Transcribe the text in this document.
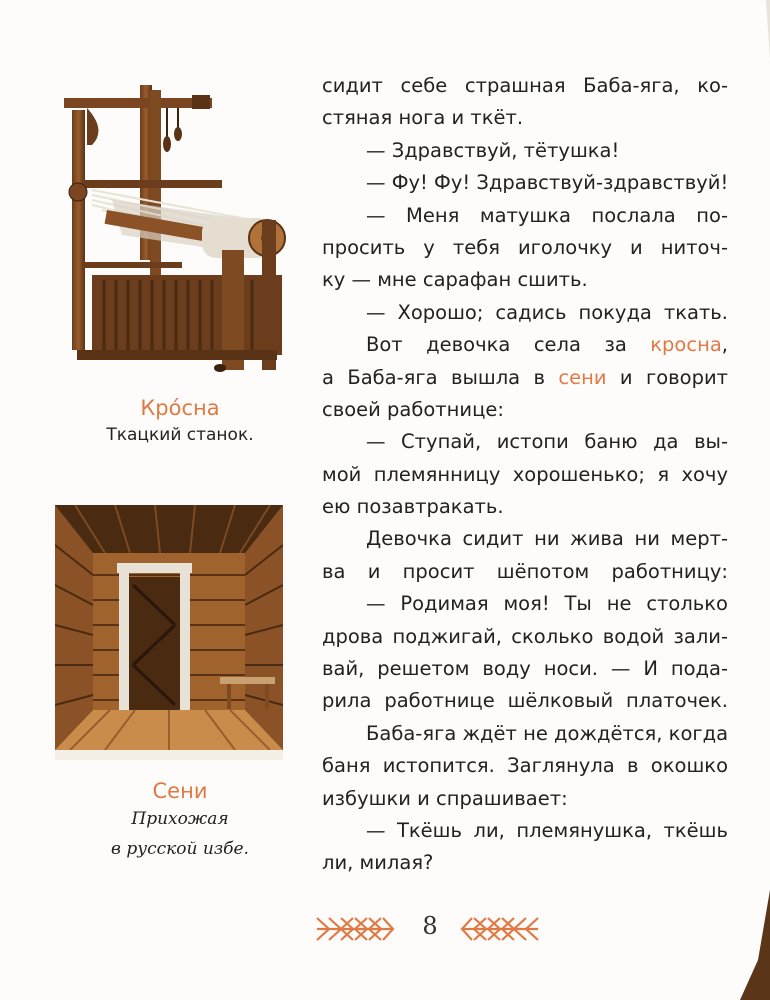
Кро́сна
Ткацкий станок.
Сени
Прихожая
в русской избе.
сидит себе страшная Баба-яга, ко-
стяная нога и ткёт.
— Здравствуй, тётушка!
— Фу! Фу! Здравствуй-здравствуй!
— Меня матушка послала по-
просить у тебя иголочку и ниточ-
ку — мне сарафан сшить.
— Хорошо; садись покуда ткать.
Вот девочка села за кросна,
а Баба-яга вышла в сени и говорит
своей работнице:
— Ступай, истопи баню да вы-
мой племянницу хорошенько; я хочу
ею позавтракать.
Девочка сидит ни жива ни мерт-
ва и просит шёпотом работницу:
— Родимая моя! Ты не столько
дрова поджигай, сколько водой зали-
вай, решетом воду носи. — И пода-
рила работнице шёлковый платочек.
Баба-яга ждёт не дождётся, когда
баня истопится. Заглянула в окошко
избушки и спрашивает:
— Ткёшь ли, племянушка, ткёшь
ли, милая?
8
